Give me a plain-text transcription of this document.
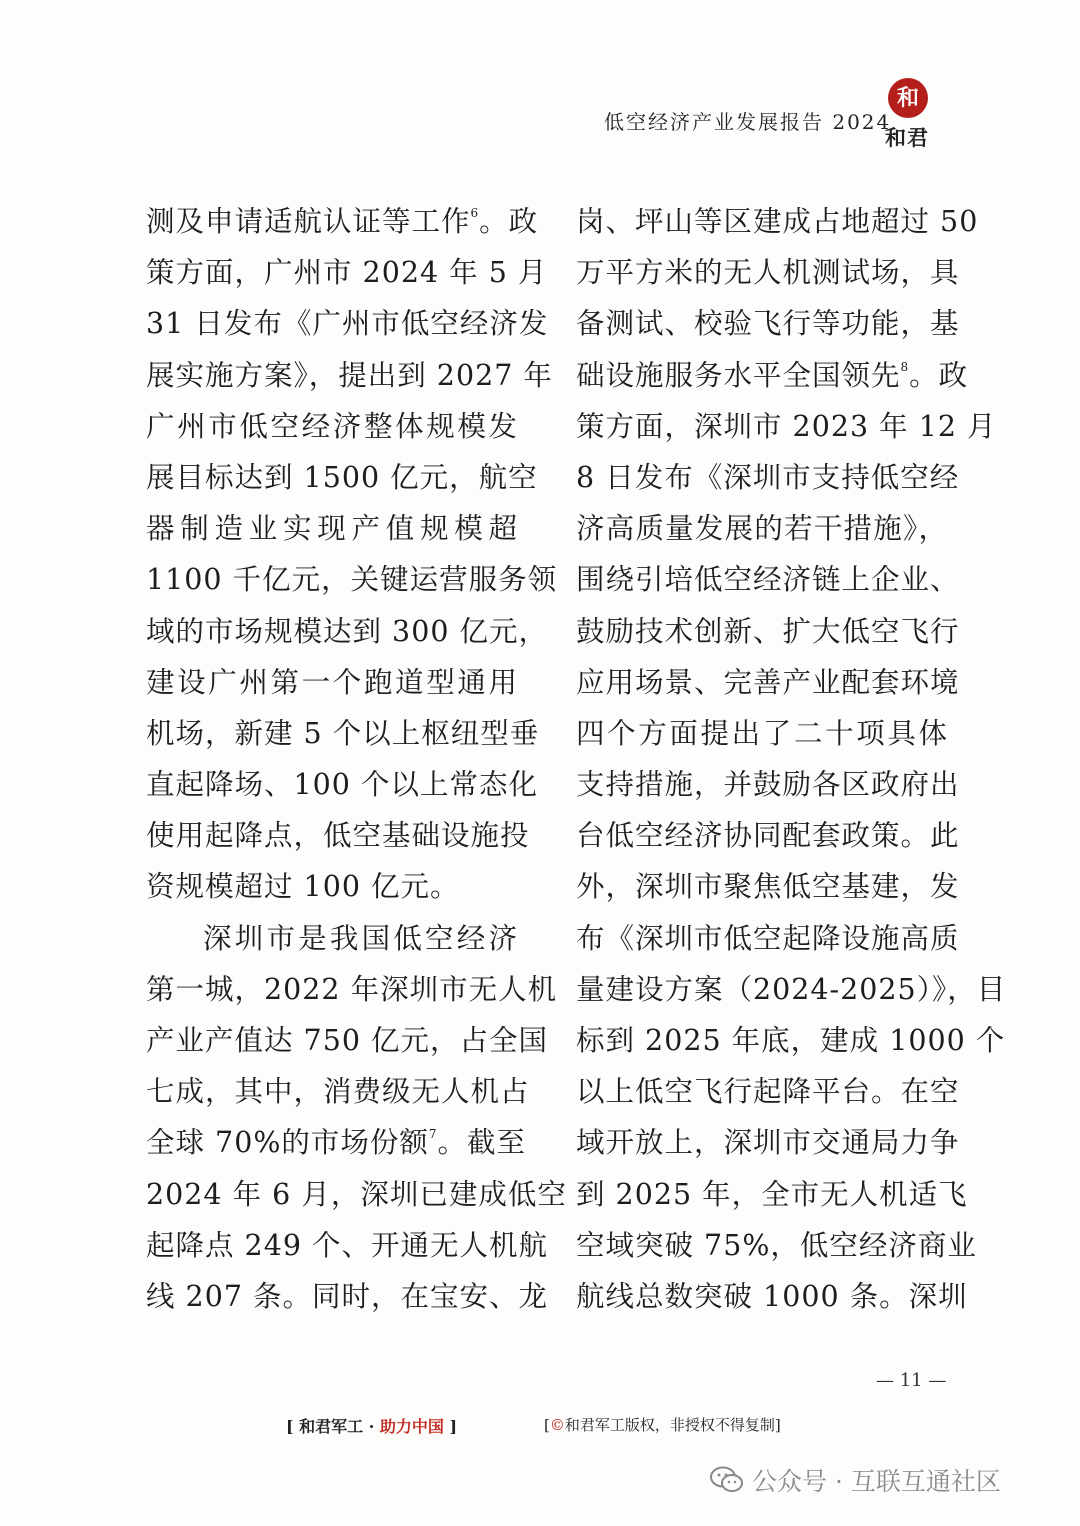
低空经济产业发展报告 2024
和
和君
测及申请适航认证等工作$^6$。政
策方面，广州市 2024 年 5 月
31 日发布《广州市低空经济发
展实施方案》，提出到 2027 年
广州市低空经济整体规模发
展目标达到 1500 亿元，航空
器制造业实现产值规模超
1100 千亿元，关键运营服务领
域的市场规模达到 300 亿元，
建设广州第一个跑道型通用
机场，新建 5 个以上枢纽型垂
直起降场、100 个以上常态化
使用起降点，低空基础设施投
资规模超过 100 亿元。
深圳市是我国低空经济
第一城，2022 年深圳市无人机
产业产值达 750 亿元，占全国
七成，其中，消费级无人机占
全球 70%的市场份额$^7$。截至
2024 年 6 月，深圳已建成低空
起降点 249 个、开通无人机航
线 207 条。同时，在宝安、龙
岗、坪山等区建成占地超过 50
万平方米的无人机测试场，具
备测试、校验飞行等功能，基
础设施服务水平全国领先$^8$。政
策方面，深圳市 2023 年 12 月
8 日发布《深圳市支持低空经
济高质量发展的若干措施》，
围绕引培低空经济链上企业、
鼓励技术创新、扩大低空飞行
应用场景、完善产业配套环境
四个方面提出了二十项具体
支持措施，并鼓励各区政府出
台低空经济协同配套政策。此
外，深圳市聚焦低空基建，发
布《深圳市低空起降设施高质
量建设方案（2024-2025）》，目
标到 2025 年底，建成 1000 个
以上低空飞行起降平台。在空
域开放上，深圳市交通局力争
到 2025 年，全市无人机适飞
空域突破 75%，低空经济商业
航线总数突破 1000 条。深圳
— 11 —
[ 和君军工 · 助力中国 ]	[©和君军工版权，非授权不得复制]
公众号 · 互联互通社区
